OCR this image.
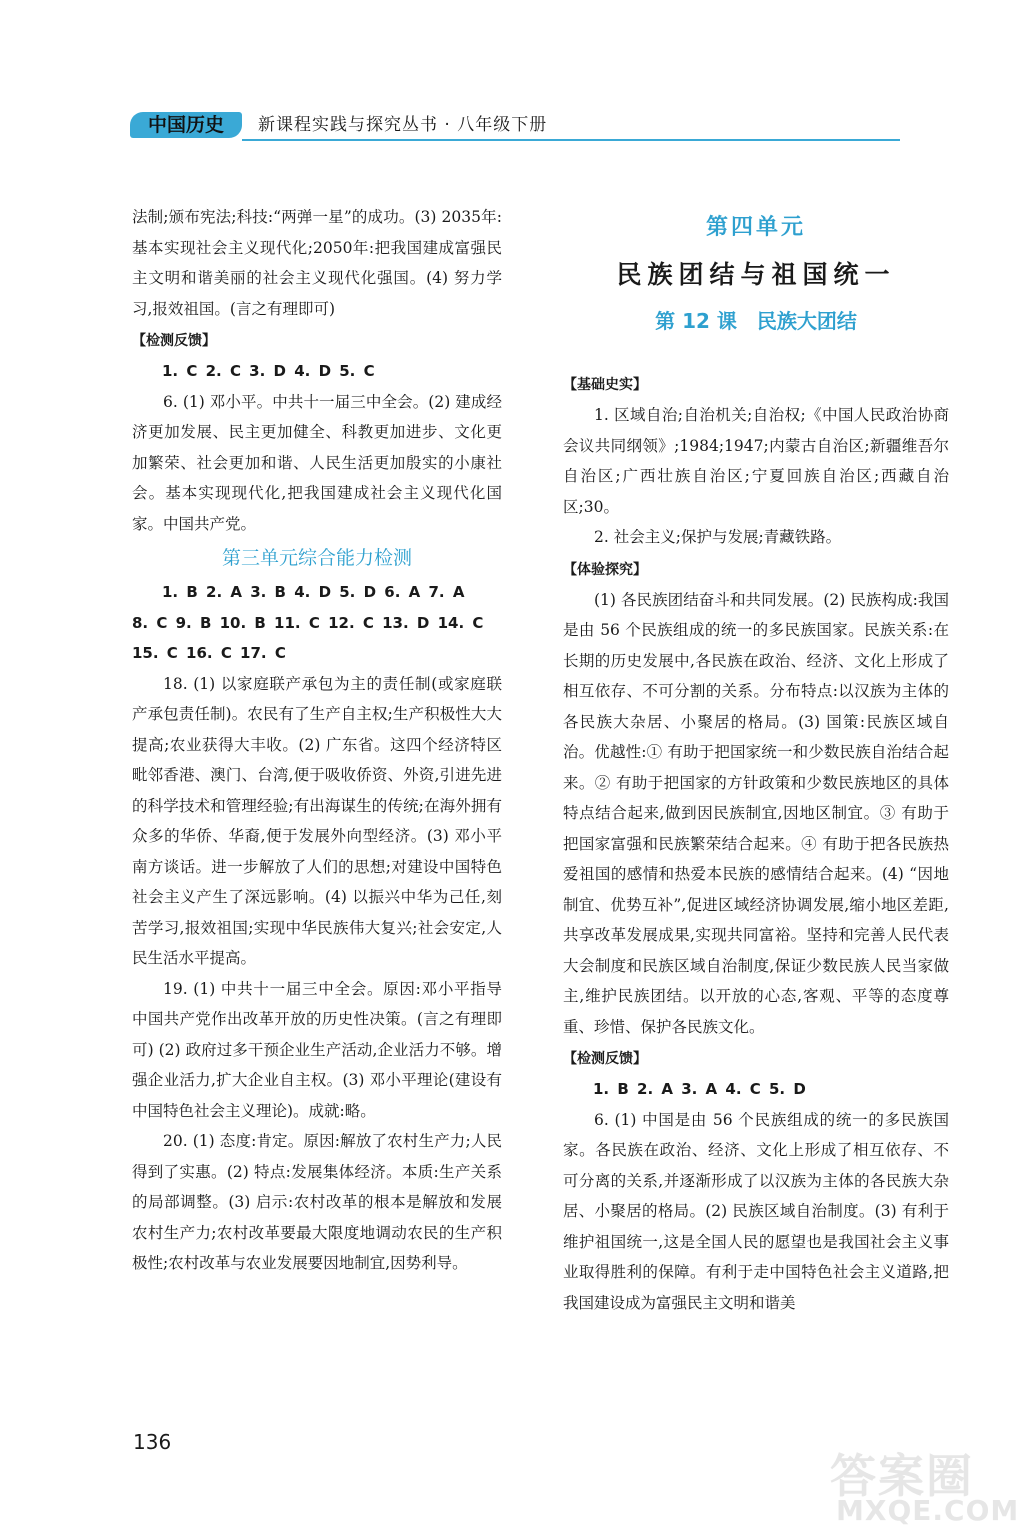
中国历史	新课程实践与探究丛书 · 八年级下册

法制;颁布宪法;科技:“两弹一星”的成功。(3) 2035年:基本实现社会主义现代化;2050年:把我国建成富强民主文明和谐美丽的社会主义现代化强国。(4) 努力学习,报效祖国。(言之有理即可)

【检测反馈】

1. C 2. C 3. D 4. D 5. C

6. (1) 邓小平。中共十一届三中全会。(2) 建成经济更加发展、民主更加健全、科教更加进步、文化更加繁荣、社会更加和谐、人民生活更加殷实的小康社会。基本实现现代化,把我国建成社会主义现代化国家。中国共产党。

第三单元综合能力检测

1. B 2. A 3. B 4. D 5. D 6. A 7. A

8. C 9. B 10. B 11. C 12. C 13. D 14. C

15. C 16. C 17. C

18. (1) 以家庭联产承包为主的责任制(或家庭联产承包责任制)。农民有了生产自主权;生产积极性大大提高;农业获得大丰收。(2) 广东省。这四个经济特区毗邻香港、澳门、台湾,便于吸收侨资、外资,引进先进的科学技术和管理经验;有出海谋生的传统;在海外拥有众多的华侨、华裔,便于发展外向型经济。(3) 邓小平南方谈话。进一步解放了人们的思想;对建设中国特色社会主义产生了深远影响。(4) 以振兴中华为己任,刻苦学习,报效祖国;实现中华民族伟大复兴;社会安定,人民生活水平提高。

19. (1) 中共十一届三中全会。原因:邓小平指导中国共产党作出改革开放的历史性决策。(言之有理即可) (2) 政府过多干预企业生产活动,企业活力不够。增强企业活力,扩大企业自主权。(3) 邓小平理论(建设有中国特色社会主义理论)。成就:略。

20. (1) 态度:肯定。原因:解放了农村生产力;人民得到了实惠。(2) 特点:发展集体经济。本质:生产关系的局部调整。(3) 启示:农村改革的根本是解放和发展农村生产力;农村改革要最大限度地调动农民的生产积极性;农村改革与农业发展要因地制宜,因势利导。

第四单元
民族团结与祖国统一
第 12 课　民族大团结
【基础史实】

1. 区域自治;自治机关;自治权;《中国人民政治协商会议共同纲领》;1984;1947;内蒙古自治区;新疆维吾尔自治区;广西壮族自治区;宁夏回族自治区;西藏自治区;30。

2. 社会主义;保护与发展;青藏铁路。

【体验探究】

(1) 各民族团结奋斗和共同发展。(2) 民族构成:我国是由 56 个民族组成的统一的多民族国家。民族关系:在长期的历史发展中,各民族在政治、经济、文化上形成了相互依存、不可分割的关系。分布特点:以汉族为主体的各民族大杂居、小聚居的格局。(3) 国策:民族区域自治。优越性:① 有助于把国家统一和少数民族自治结合起来。② 有助于把国家的方针政策和少数民族地区的具体特点结合起来,做到因民族制宜,因地区制宜。③ 有助于把国家富强和民族繁荣结合起来。④ 有助于把各民族热爱祖国的感情和热爱本民族的感情结合起来。(4) “因地制宜、优势互补”,促进区域经济协调发展,缩小地区差距,共享改革发展成果,实现共同富裕。坚持和完善人民代表大会制度和民族区域自治制度,保证少数民族人民当家做主,维护民族团结。以开放的心态,客观、平等的态度尊重、珍惜、保护各民族文化。

【检测反馈】

1. B 2. A 3. A 4. C 5. D

6. (1) 中国是由 56 个民族组成的统一的多民族国家。各民族在政治、经济、文化上形成了相互依存、不可分离的关系,并逐渐形成了以汉族为主体的各民族大杂居、小聚居的格局。(2) 民族区域自治制度。(3) 有利于维护祖国统一,这是全国人民的愿望也是我国社会主义事业取得胜利的保障。有利于走中国特色社会主义道路,把我国建设成为富强民主文明和谐美

136
答案圈
MXQE.COM
